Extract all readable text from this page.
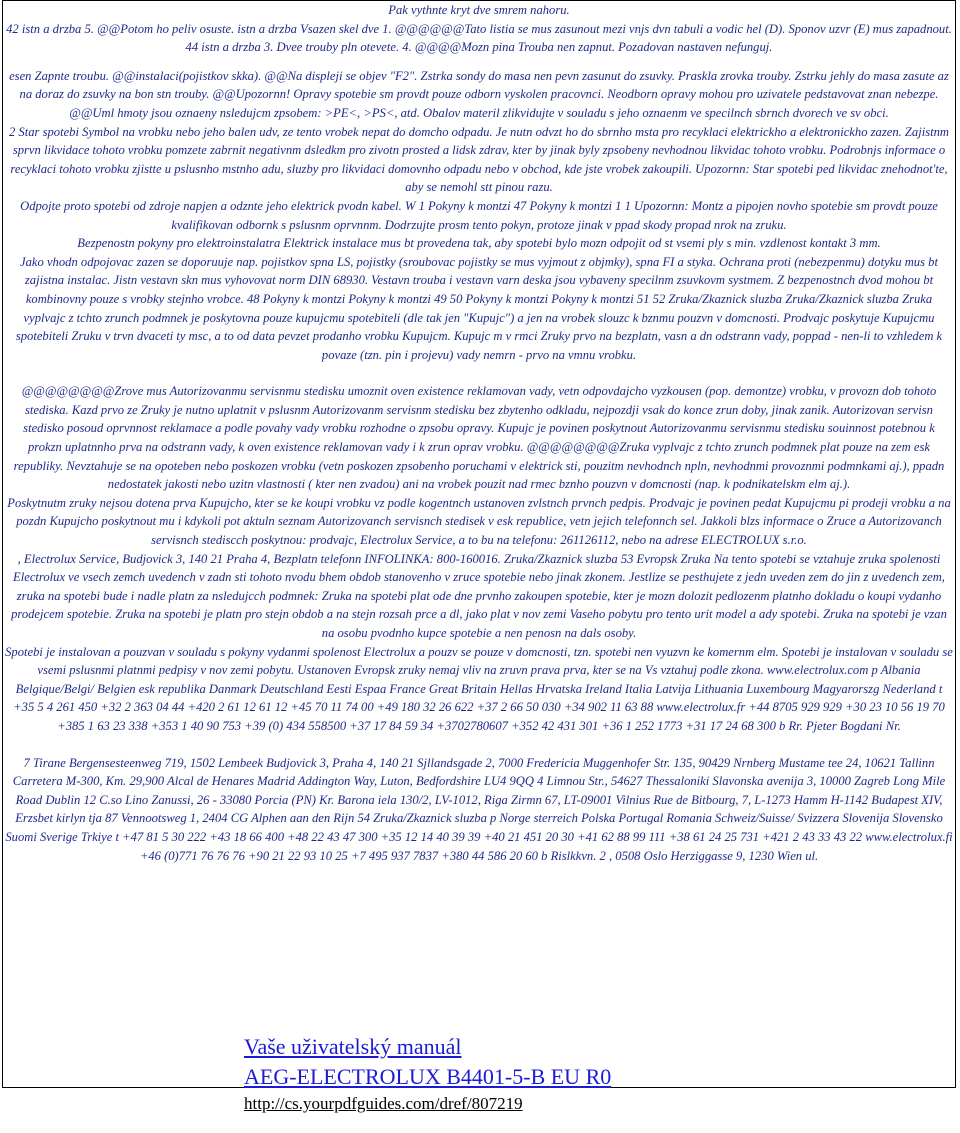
Pak vythnte kryt dve smrem nahoru.

42 istn a drzba 5. @@Potom ho peliv osuste. istn a drzba Vsazen skel dve 1. @@@@@@Tato listia se mus zasunout mezi vnjs dvn tabuli a vodic hel (D). Sponov uzvr (E) mus zapadnout. 44 istn a drzba 3. Dvee trouby pln otevete. 4. @@@@Mozn pina Trouba nen zapnut. Pozadovan nastaven nefunguj.

esen Zapnte troubu. @@instalaci(pojistkov skka). @@Na displeji se objev "F2". Zstrka sondy do masa nen pevn zasunut do zsuvky. Praskla zrovka trouby. Zstrku jehly do masa zasute az na doraz do zsuvky na bon stn trouby. @@Upozornn! Opravy spotebie sm provdt pouze odborn vyskolen pracovnci. Neodborn opravy mohou pro uzivatele pedstavovat znan nebezpe. @@Uml hmoty jsou oznaeny nsledujcm zpsobem: >PE<, >PS<, atd. Obalov materil zlikvidujte v souladu s jeho oznaenm ve specilnch sbrnch dvorech ve sv obci.

2 Star spotebi Symbol na vrobku nebo jeho balen udv, ze tento vrobek nepat do domcho odpadu. Je nutn odvzt ho do sbrnho msta pro recyklaci elektrickho a elektronickho zazen. Zajistnm sprvn likvidace tohoto vrobku pomzete zabrnit negativnm dsledkm pro zivotn prosted a lidsk zdrav, kter by jinak byly zpsobeny nevhodnou likvidac tohoto vrobku. Podrobnjs informace o recyklaci tohoto vrobku zjistte u pslusnho mstnho adu, sluzby pro likvidaci domovnho odpadu nebo v obchod, kde jste vrobek zakoupili. Upozornn: Star spotebi ped likvidac znehodnot'te, aby se nemohl stt pinou razu.

Odpojte proto spotebi od zdroje napjen a odznte jeho elektrick pvodn kabel. W 1 Pokyny k montzi 47 Pokyny k montzi 1 1 Upozornn: Montz a pipojen novho spotebie sm provdt pouze kvalifikovan odbornk s pslusnm oprvnnm. Dodrzujte prosm tento pokyn, protoze jinak v ppad skody propad nrok na zruku.

Bezpenostn pokyny pro elektroinstalatra Elektrick instalace mus bt provedena tak, aby spotebi bylo mozn odpojit od st vsemi ply s min. vzdlenost kontakt 3 mm.

Jako vhodn odpojovac zazen se doporuuje nap. pojistkov spna LS, pojistky (sroubovac pojistky se mus vyjmout z objmky), spna FI a styka. Ochrana proti (nebezpenmu) dotyku mus bt zajistna instalac. Jistn vestavn skn mus vyhovovat norm DIN 68930. Vestavn trouba i vestavn varn deska jsou vybaveny specilnm zsuvkovm systmem. Z bezpenostnch dvod mohou bt kombinovny pouze s vrobky stejnho vrobce. 48 Pokyny k montzi Pokyny k montzi 49 50 Pokyny k montzi Pokyny k montzi 51 52 Zruka/Zkaznick sluzba Zruka/Zkaznick sluzba Zruka vyplvajc z tchto zrunch podmnek je poskytovna pouze kupujcmu spotebiteli (dle tak jen "Kupujc") a jen na vrobek slouzc k bznmu pouzvn v domcnosti. Prodvajc poskytuje Kupujcmu spotebiteli Zruku v trvn dvaceti ty msc, a to od data pevzet prodanho vrobku Kupujcm. Kupujc m v rmci Zruky prvo na bezplatn, vasn a dn odstrann vady, poppad - nen-li to vzhledem k povaze (tzn. pin i projevu) vady nemrn - prvo na vmnu vrobku.

@@@@@@@@Zrove mus Autorizovanmu servisnmu stedisku umoznit oven existence reklamovan vady, vetn odpovdajcho vyzkousen (pop. demontze) vrobku, v provozn dob tohoto stediska. Kazd prvo ze Zruky je nutno uplatnit v pslusnm Autorizovanm servisnm stedisku bez zbytenho odkladu, nejpozdji vsak do konce zrun doby, jinak zanik. Autorizovan servisn stedisko posoud oprvnnost reklamace a podle povahy vady vrobku rozhodne o zpsobu opravy. Kupujc je povinen poskytnout Autorizovanmu servisnmu stedisku souinnost potebnou k prokzn uplatnnho prva na odstrann vady, k oven existence reklamovan vady i k zrun oprav vrobku. @@@@@@@@Zruka vyplvajc z tchto zrunch podmnek plat pouze na zem esk republiky. Nevztahuje se na opoteben nebo poskozen vrobku (vetn poskozen zpsobenho poruchami v elektrick sti, pouzitm nevhodnch npln, nevhodnmi provoznmi podmnkami aj.), ppadn nedostatek jakosti nebo uzitn vlastnosti ( kter nen zvadou) ani na vrobek pouzit nad rmec bznho pouzvn v domcnosti (nap. k podnikatelskm elm aj.).

Poskytnutm zruky nejsou dotena prva Kupujcho, kter se ke koupi vrobku vz podle kogentnch ustanoven zvlstnch prvnch pedpis. Prodvajc je povinen pedat Kupujcmu pi prodeji vrobku a na pozdn Kupujcho poskytnout mu i kdykoli pot aktuln seznam Autorizovanch servisnch stedisek v esk republice, vetn jejich telefonnch sel. Jakkoli blzs informace o Zruce a Autorizovanch servisnch stediscch poskytnou: prodvajc, Electrolux Service, a to bu na telefonu: 261126112, nebo na adrese ELECTROLUX s.r.o.

, Electrolux Service, Budjovick 3, 140 21 Praha 4, Bezplatn telefonn INFOLINKA: 800-160016. Zruka/Zkaznick sluzba 53 Evropsk Zruka Na tento spotebi se vztahuje zruka spolenosti Electrolux ve vsech zemch uvedench v zadn sti tohoto nvodu bhem obdob stanovenho v zruce spotebie nebo jinak zkonem. Jestlize se pesthujete z jedn uveden zem do jin z uvedench zem, zruka na spotebi bude i nadle platn za nsledujcch podmnek: Zruka na spotebi plat ode dne prvnho zakoupen spotebie, kter je mozn dolozit pedlozenm platnho dokladu o koupi vydanho prodejcem spotebie. Zruka na spotebi je platn pro stejn obdob a na stejn rozsah prce a dl, jako plat v nov zemi Vaseho pobytu pro tento urit model a ady spotebi. Zruka na spotebi je vzan na osobu pvodnho kupce spotebie a nen penosn na dals osoby.

Spotebi je instalovan a pouzvan v souladu s pokyny vydanmi spolenost Electrolux a pouzv se pouze v domcnosti, tzn. spotebi nen vyuzvn ke komernm elm. Spotebi je instalovan v souladu se vsemi pslusnmi platnmi pedpisy v nov zemi pobytu. Ustanoven Evropsk zruky nemaj vliv na zruvn prava prva, kter se na Vs vztahuj podle zkona. www.electrolux.com p Albania Belgique/Belgi/ Belgien esk republika Danmark Deutschland Eesti Espaa France Great Britain Hellas Hrvatska Ireland Italia Latvija Lithuania Luxembourg Magyarorszg Nederland t +35 5 4 261 450 +32 2 363 04 44 +420 2 61 12 61 12 +45 70 11 74 00 +49 180 32 26 622 +37 2 66 50 030 +34 902 11 63 88 www.electrolux.fr +44 8705 929 929 +30 23 10 56 19 70 +385 1 63 23 338 +353 1 40 90 753 +39 (0) 434 558500 +37 17 84 59 34 +3702780607 +352 42 431 301 +36 1 252 1773 +31 17 24 68 300 b Rr. Pjeter Bogdani Nr.

7 Tirane Bergensesteenweg 719, 1502 Lembeek Budjovick 3, Praha 4, 140 21 Sjllandsgade 2, 7000 Fredericia Muggenhofer Str. 135, 90429 Nrnberg Mustame tee 24, 10621 Tallinn Carretera M-300, Km. 29,900 Alcal de Henares Madrid Addington Way, Luton, Bedfordshire LU4 9QQ 4 Limnou Str., 54627 Thessaloniki Slavonska avenija 3, 10000 Zagreb Long Mile Road Dublin 12 C.so Lino Zanussi, 26 - 33080 Porcia (PN) Kr. Barona iela 130/2, LV-1012, Riga Zirmn 67, LT-09001 Vilnius Rue de Bitbourg, 7, L-1273 Hamm H-1142 Budapest XIV, Erzsbet kirlyn tja 87 Vennootsweg 1, 2404 CG Alphen aan den Rijn 54 Zruka/Zkaznick sluzba p Norge sterreich Polska Portugal Romania Schweiz/Suisse/ Svizzera Slovenija Slovensko Suomi Sverige Trkiye t +47 81 5 30 222 +43 18 66 400 +48 22 43 47 300 +35 12 14 40 39 39 +40 21 451 20 30 +41 62 88 99 111 +38 61 24 25 731 +421 2 43 33 43 22 www.electrolux.fi +46 (0)771 76 76 76 +90 21 22 93 10 25 +7 495 937 7837 +380 44 586 20 60 b Rislkkvn. 2 , 0508 Oslo Herziggasse 9, 1230 Wien ul.

Vaše uživatelský manuál
AEG-ELECTROLUX B4401-5-B EU R0
http://cs.yourpdfguides.com/dref/807219
